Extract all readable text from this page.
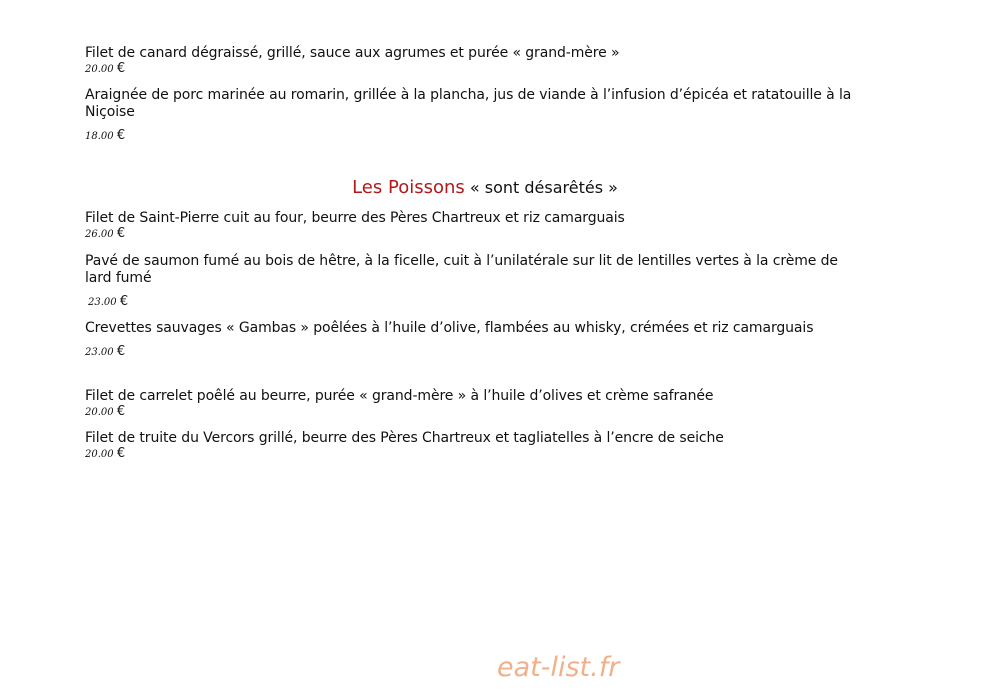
Filet de canard dégraissé, grillé, sauce aux agrumes et purée « grand-mère »

20.00 €

Araignée de porc marinée au romarin, grillée à la plancha, jus de viande à l’infusion d’épicéa et ratatouille à la Niçoise

18.00 €
Les Poissons « sont désarêtés »

Filet de Saint-Pierre cuit au four, beurre des Pères Chartreux et riz camarguais

26.00 €

Pavé de saumon fumé au bois de hêtre, à la ficelle, cuit à l’unilatérale sur lit de lentilles vertes à la crème de lard fumé

23.00 €

Crevettes sauvages « Gambas » poêlées à l’huile d’olive, flambées au whisky, crémées et riz camarguais

23.00 €

Filet de carrelet poêlé au beurre, purée « grand-mère » à l’huile d’olives et crème safranée

20.00 €

Filet de truite du Vercors grillé, beurre des Pères Chartreux et tagliatelles à l’encre de seiche

20.00 €
eat-list.fr
